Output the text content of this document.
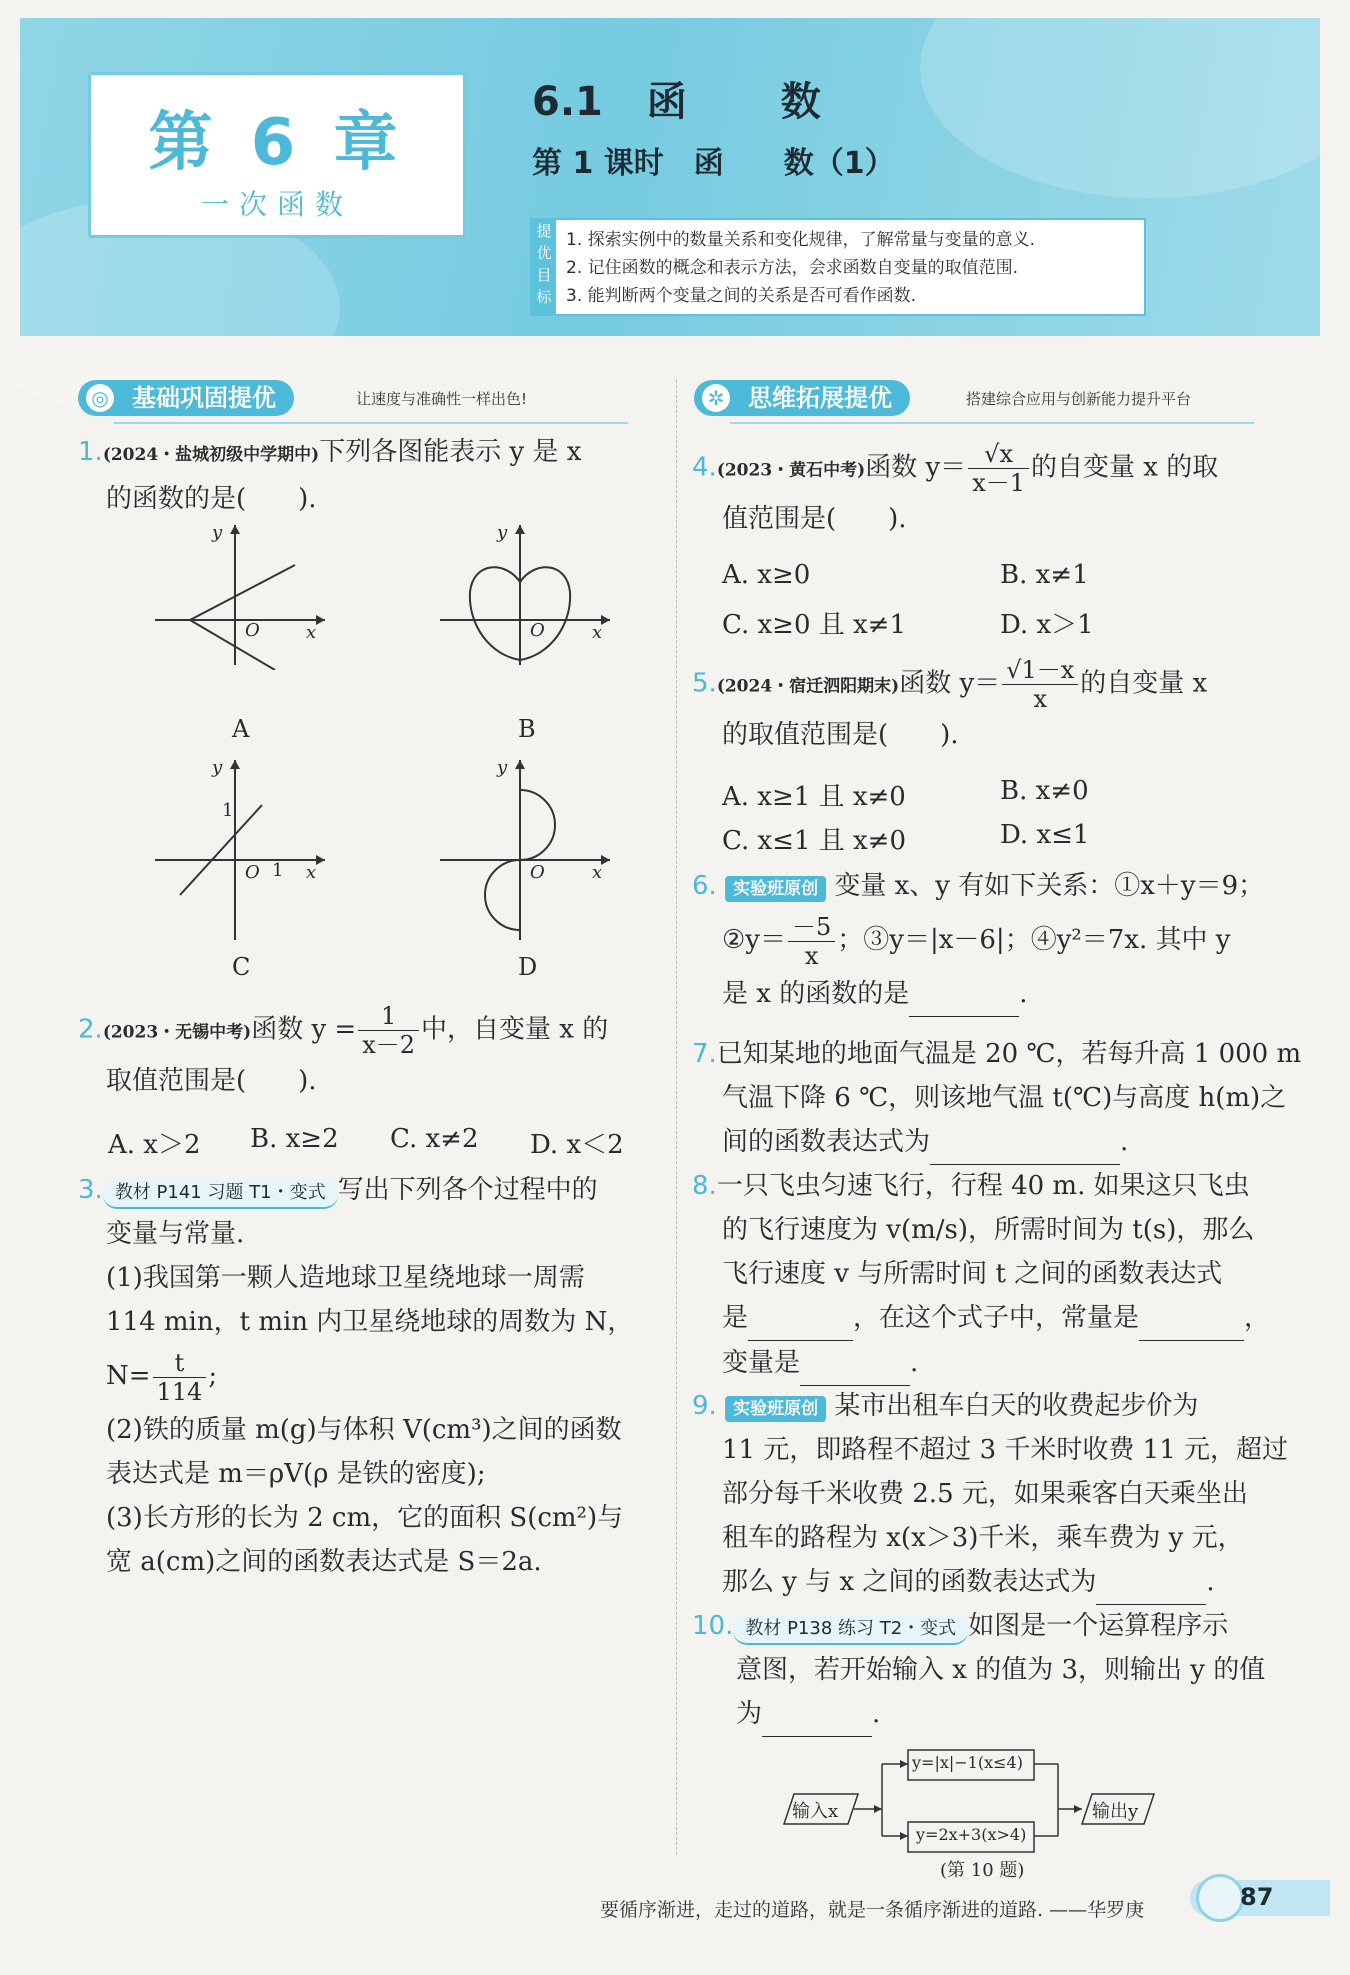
第 6 章
一次函数
6.1 函 数
第 1 课时　函　　数（1）
提优目标
1. 探索实例中的数量关系和变化规律，了解常量与变量的意义.
2. 记住函数的概念和表示方法，会求函数自变量的取值范围.
3. 能判断两个变量之间的关系是否可看作函数.
◎ 基础巩固提优	让速度与准确性一样出色!	✲ 思维拓展提优	搭建综合应用与创新能力提升平台
1.(2024・盐城初级中学期中)下列各图能表示 y 是 x
的函数的是(　　).
y
x
O
A
y
x
O
B
y
x
O 1
1
C
y
x
O
D
2.(2023・无锡中考)函数 $y = \frac{1}{x-2}$ 中，自变量 x 的
取值范围是(　　).
A. x＞2 B. x≥2 C. x≠2 D. x＜2
3. 教材 P141 习题 T1・变式 写出下列各个过程中的
变量与常量.
(1)我国第一颗人造地球卫星绕地球一周需
114 min，t min 内卫星绕地球的周数为 N，
$N= \frac{t}{114}$ ;
(2)铁的质量 m(g)与体积 V(cm³)之间的函数
表达式是 m＝ρV(ρ 是铁的密度);
(3)长方形的长为 2 cm，它的面积 S(cm²)与
宽 a(cm)之间的函数表达式是 S＝2a.
4.(2023・黄石中考)函数 $y= \frac{√x}{x-1}$ 的自变量 x 的取
值范围是(　　).
A. x≥0	B. x≠1
C. x≥0 且 x≠1	D. x＞1
5.(2024・宿迁泗阳期末)函数 $y= \frac{√1-x}{x}$ 的自变量 x
的取值范围是(　　).
A. x≥1 且 x≠0	B. x≠0
C. x≤1 且 x≠0	D. x≤1
6. 实验班原创 变量 x、y 有如下关系：①x＋y＝9；
②y＝ $\frac{-5}{x}$ ；③y＝|x－6|；④y²＝7x. 其中 y
是 x 的函数的是	.
7.已知某地的地面气温是 20 ℃，若每升高 1 000 m
气温下降 6 ℃，则该地气温 t(℃)与高度 h(m)之
间的函数表达式为	.
8.一只飞虫匀速飞行，行程 40 m. 如果这只飞虫
的飞行速度为 v(m/s)，所需时间为 t(s)，那么
飞行速度 v 与所需时间 t 之间的函数表达式
是	，在这个式子中，常量是	，
变量是	.
9. 实验班原创 某市出租车白天的收费起步价为
11 元，即路程不超过 3 千米时收费 11 元，超过
部分每千米收费 2.5 元，如果乘客白天乘坐出
租车的路程为 x(x＞3)千米，乘车费为 y 元，
那么 y 与 x 之间的函数表达式为	.
10. 教材 P138 练习 T2・变式 如图是一个运算程序示
意图，若开始输入 x 的值为 3，则输出 y 的值
为	.
输入x
y=|x|−1(x≤4)
y=2x+3(x>4)
输出y
(第 10 题)
要循序渐进，走过的道路，就是一条循序渐进的道路. ——华罗庚	87
